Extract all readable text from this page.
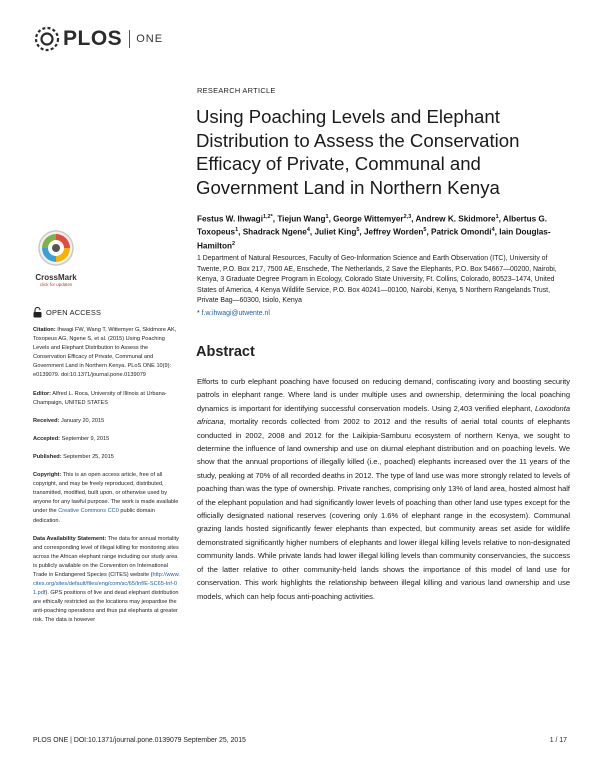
PLOS ONE
CrossMark
click for updates
RESEARCH ARTICLE
Using Poaching Levels and Elephant Distribution to Assess the Conservation Efficacy of Private, Communal and Government Land in Northern Kenya
Festus W. Ihwagi$^{1,2*}$, Tiejun Wang$^1$, George Wittemyer$^{2,3}$, Andrew K. Skidmore$^1$, Albertus G. Toxopeus$^1$, Shadrack Ngene$^4$, Juliet King$^5$, Jeffrey Worden$^5$, Patrick Omondi$^4$, Iain Douglas-Hamilton$^2$
1 Department of Natural Resources, Faculty of Geo-Information Science and Earth Observation (ITC), University of Twente, P.O. Box 217, 7500 AE, Enschede, The Netherlands, 2 Save the Elephants, P.O. Box 54667—00200, Nairobi, Kenya, 3 Graduate Degree Program in Ecology, Colorado State University, Ft. Collins, Colorado, 80523–1474, United States of America, 4 Kenya Wildlife Service, P.O. Box 40241—00100, Nairobi, Kenya, 5 Northern Rangelands Trust, Private Bag—60300, Isiolo, Kenya
* f.w.ihwagi@utwente.nl
Abstract

Efforts to curb elephant poaching have focused on reducing demand, confiscating ivory and boosting security patrols in elephant range. Where land is under multiple uses and ownership, determining the local poaching dynamics is important for identifying successful conservation models. Using 2,403 verified elephant, Loxodonta africana, mortality records collected from 2002 to 2012 and the results of aerial total counts of elephants conducted in 2002, 2008 and 2012 for the Laikipia-Samburu ecosystem of northern Kenya, we sought to determine the influence of land ownership and use on diurnal elephant distribution and on poaching levels. We show that the annual proportions of illegally killed (i.e., poached) elephants increased over the 11 years of the study, peaking at 70% of all recorded deaths in 2012. The type of land use was more strongly related to levels of poaching than was the type of ownership. Private ranches, comprising only 13% of land area, hosted almost half of the elephant population and had significantly lower levels of poaching than other land use types except for the officially designated national reserves (covering only 1.6% of elephant range in the ecosystem). Communal grazing lands hosted significantly fewer elephants than expected, but community areas set aside for wildlife demonstrated significantly higher numbers of elephants and lower illegal killing levels relative to non-designated community lands. While private lands had lower illegal killing levels than community conservancies, the success of the latter relative to other community-held lands shows the importance of this model of land use for conservation. This work highlights the relationship between illegal killing and various land ownership and use models, which can help focus anti-poaching activities.

OPEN ACCESS
Citation: Ihwagi FW, Wang T, Wittemyer G, Skidmore AK, Toxopeus AG, Ngene S, et al. (2015) Using Poaching Levels and Elephant Distribution to Assess the Conservation Efficacy of Private, Communal and Government Land in Northern Kenya. PLoS ONE 10(9): e0139079. doi:10.1371/journal.pone.0139079
Editor: Alfred L. Roca, University of Illinois at Urbana-Champaign, UNITED STATES
Received: January 20, 2015
Accepted: September 9, 2015
Published: September 25, 2015
Copyright: This is an open access article, free of all copyright, and may be freely reproduced, distributed, transmitted, modified, built upon, or otherwise used by anyone for any lawful purpose. The work is made available under the Creative Commons CC0 public domain dedication.
Data Availability Statement: The data for annual mortality and corresponding level of illegal killing for monitoring sites across the African elephant range including our study area is publicly available on the Convention on International Trade in Endangered Species (CITES) website (http://www.cites.org/sites/default/files/eng/com/sc/65/Inf/E-SC65-Inf-01.pdf). GPS positions of live and dead elephant distribution are ethically restricted as the locations may jeopardise the anti-poaching operations and thus put elephants at greater risk. The data is however
PLOS ONE | DOI:10.1371/journal.pone.0139079 September 25, 2015	1 / 17
